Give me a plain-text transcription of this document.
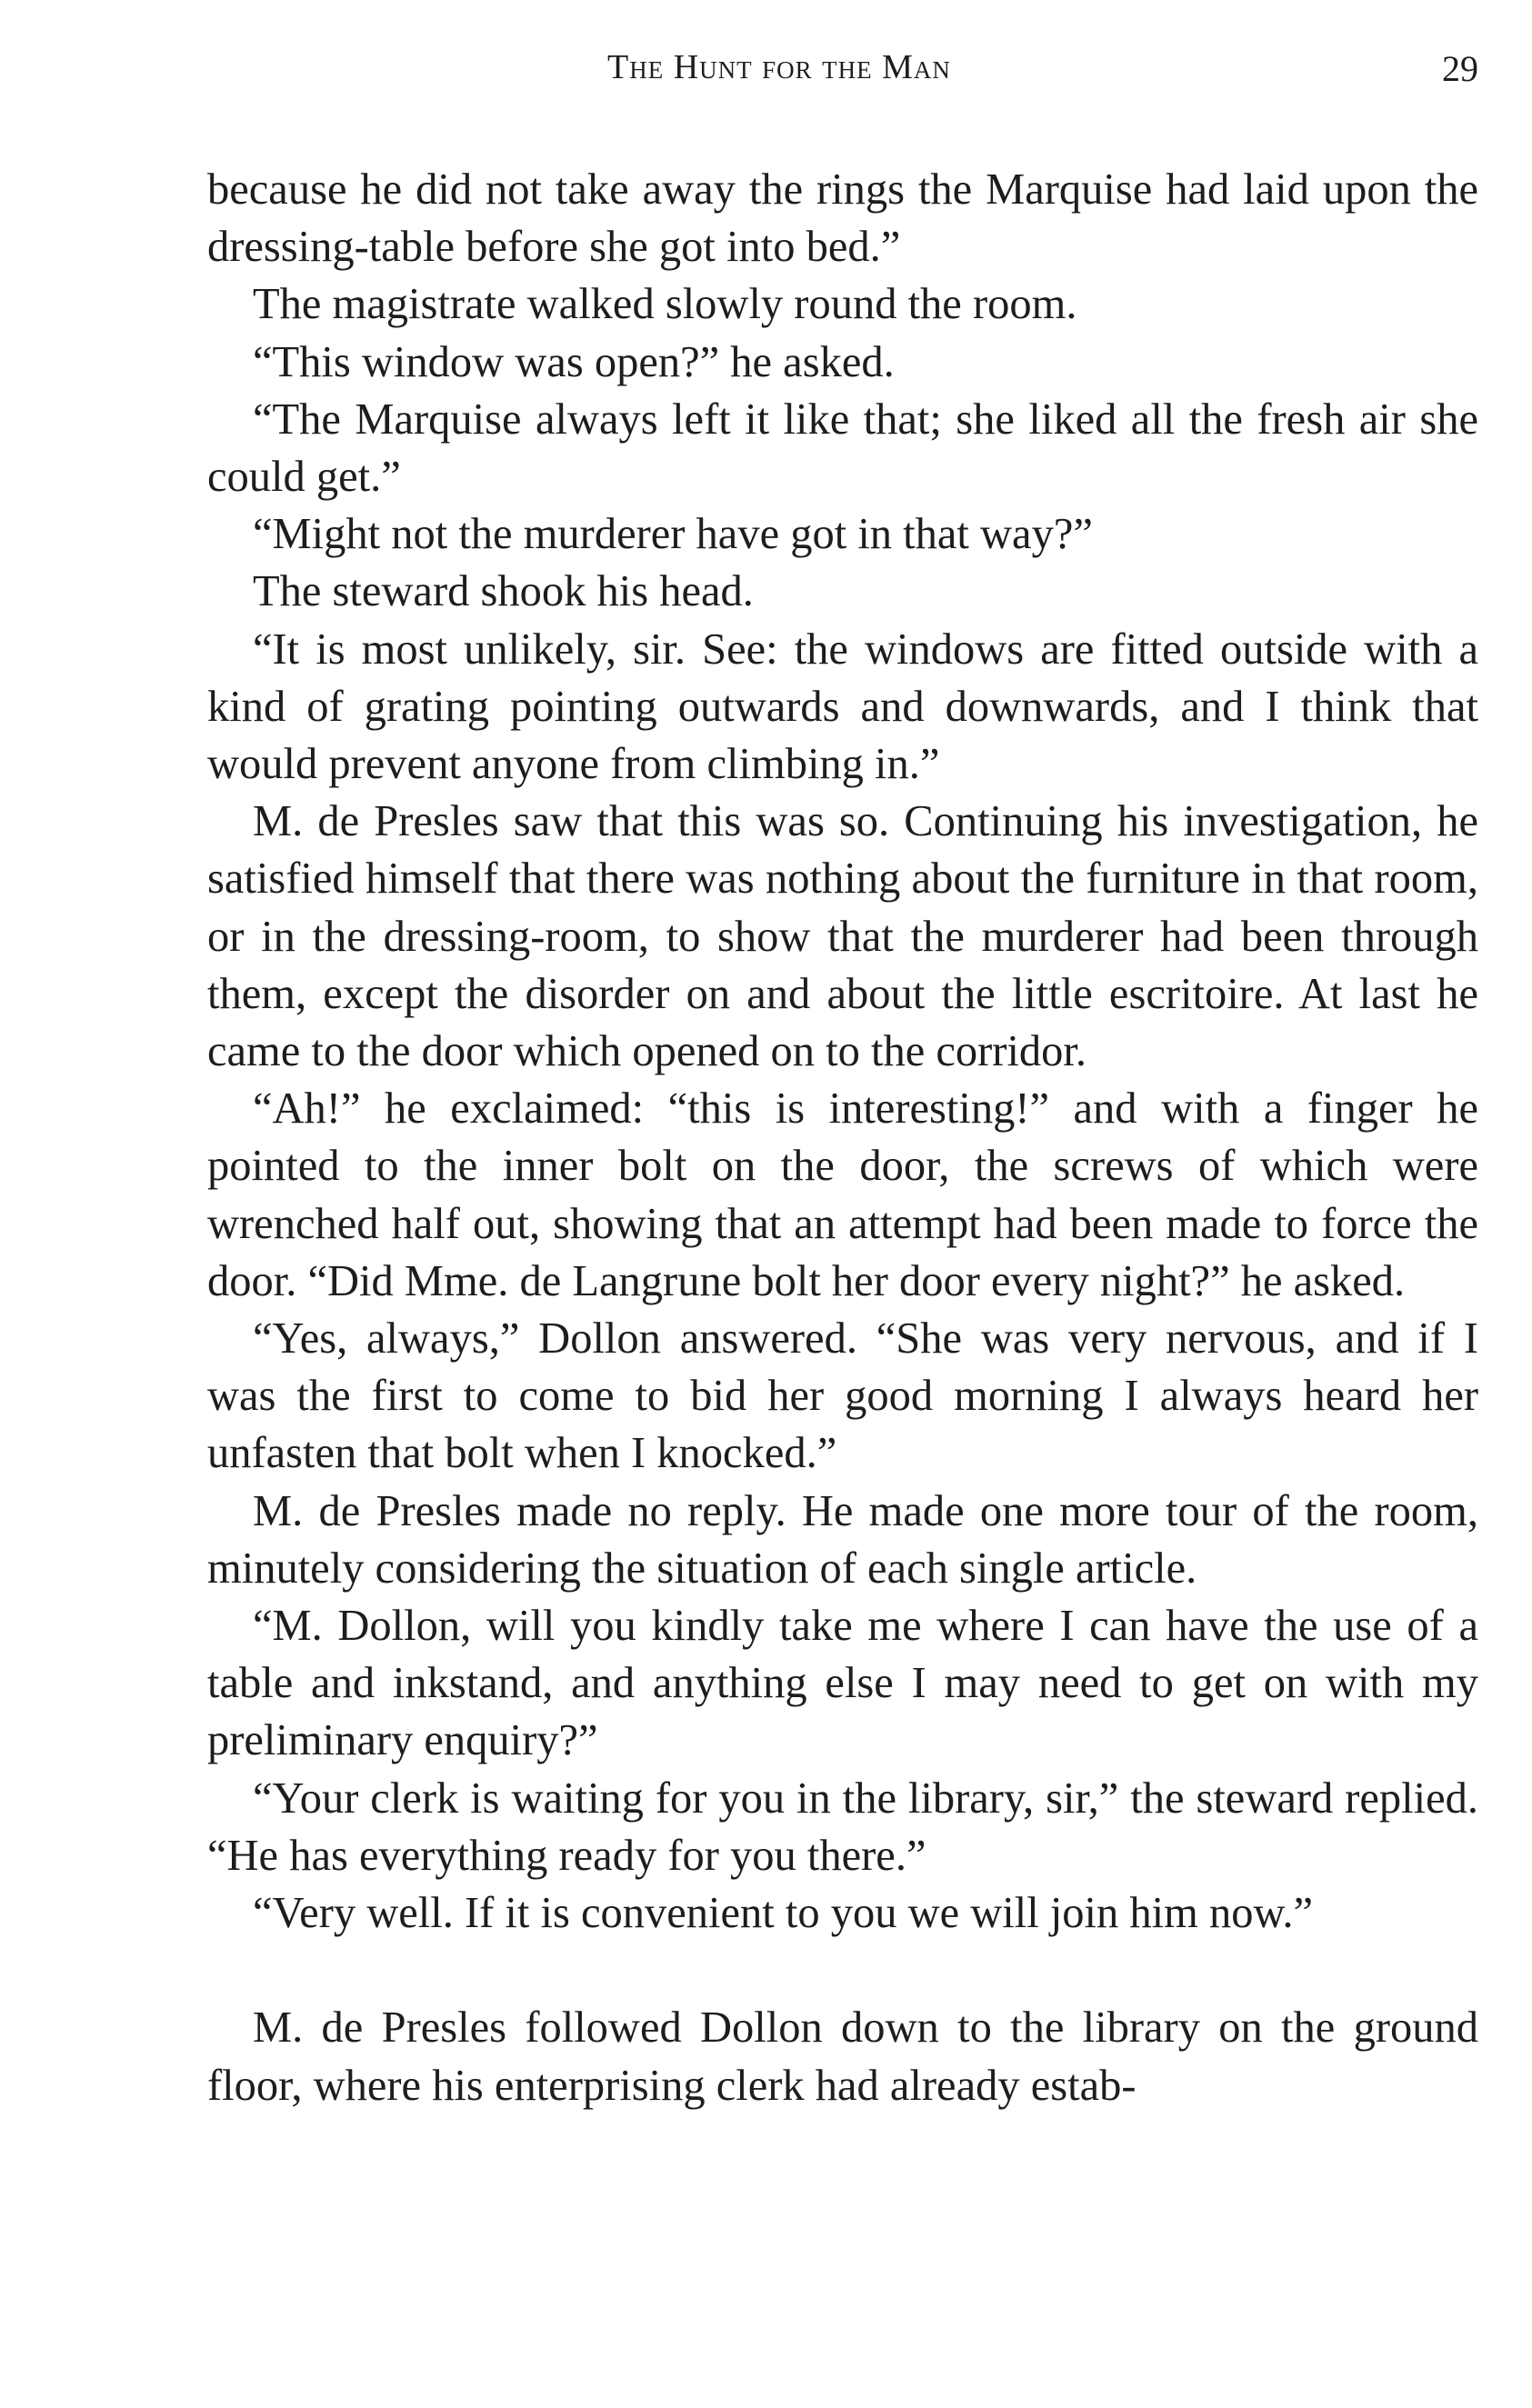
The Hunt for the Man	29

because he did not take away the rings the Marquise had laid upon the dressing-table before she got into bed.”

The magistrate walked slowly round the room.

“This window was open?” he asked.

“The Marquise always left it like that; she liked all the fresh air she could get.”

“Might not the murderer have got in that way?”

The steward shook his head.

“It is most unlikely, sir. See: the windows are fitted outside with a kind of grating pointing outwards and downwards, and I think that would prevent anyone from climbing in.”

M. de Presles saw that this was so. Continuing his investigation, he satisfied himself that there was nothing about the furniture in that room, or in the dressing-room, to show that the murderer had been through them, except the disorder on and about the little escritoire. At last he came to the door which opened on to the corridor.

“Ah!” he exclaimed: “this is interesting!” and with a finger he pointed to the inner bolt on the door, the screws of which were wrenched half out, showing that an attempt had been made to force the door. “Did Mme. de Langrune bolt her door every night?” he asked.

“Yes, always,” Dollon answered. “She was very nervous, and if I was the first to come to bid her good morning I always heard her unfasten that bolt when I knocked.”

M. de Presles made no reply. He made one more tour of the room, minutely considering the situation of each single article.

“M. Dollon, will you kindly take me where I can have the use of a table and inkstand, and anything else I may need to get on with my preliminary enquiry?”

“Your clerk is waiting for you in the library, sir,” the steward replied. “He has everything ready for you there.”

“Very well. If it is convenient to you we will join him now.”

M. de Presles followed Dollon down to the library on the ground floor, where his enterprising clerk had already estab-
